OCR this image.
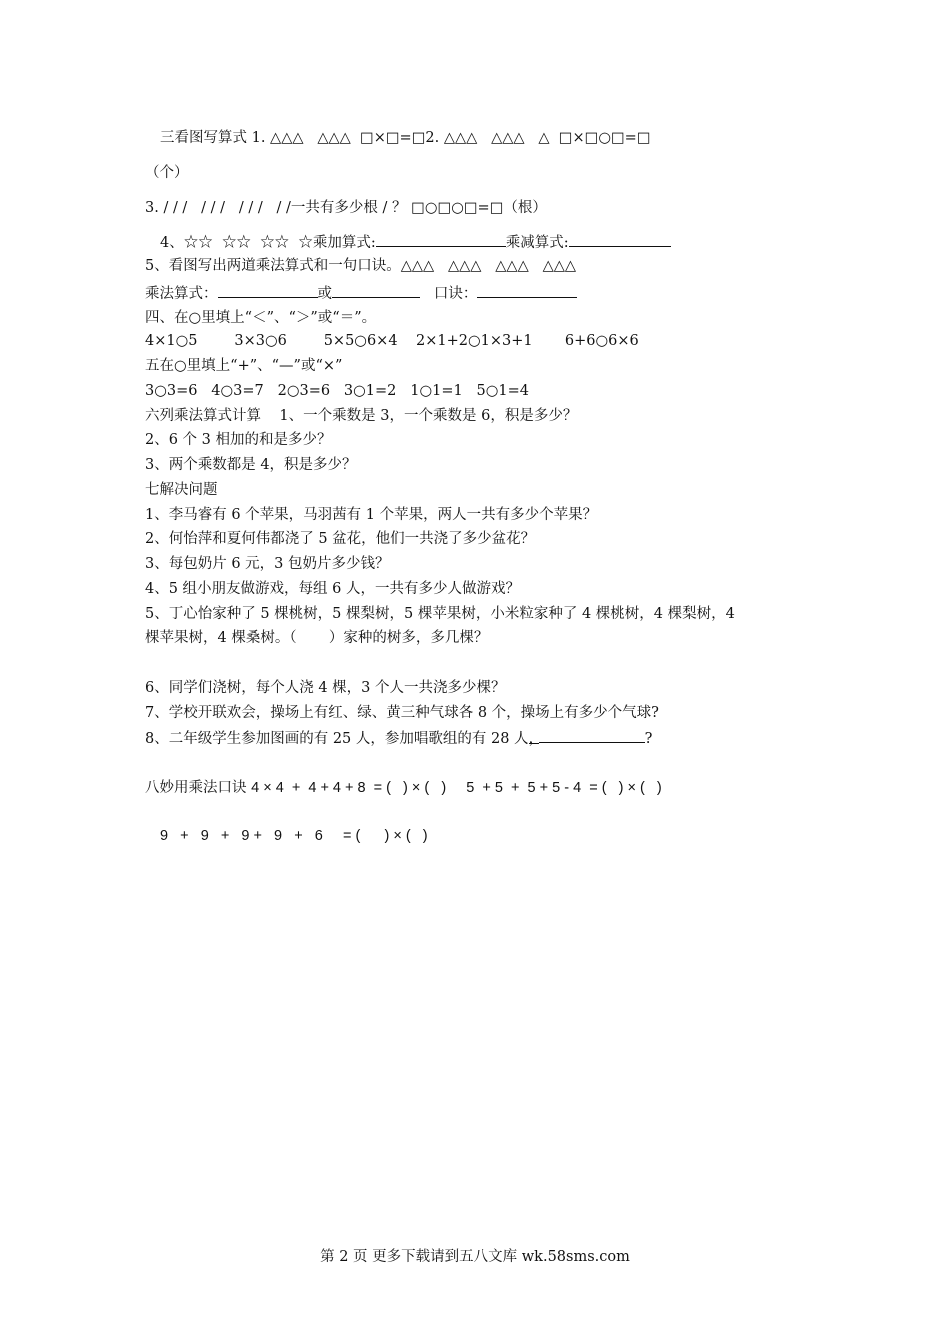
三看图写算式 1. △△△   △△△  □×□=□2. △△△   △△△   △  □×□○□=□
（个）
3. / / /   / / /   / / /   / /一共有多少根 / ？ □○□○□=□（根）
4、☆☆  ☆☆  ☆☆  ☆乘加算式:	乘减算式:
5、看图写出两道乘法算式和一句口诀。△△△   △△△   △△△   △△△
乘法算式：	或	口诀：
四、在○里填上“＜”、“＞”或“＝”。
4×1○5        3×3○6        5×5○6×4    2×1+2○1×3+1       6+6○6×6
五在○里填上“+”、“—”或“×”
3○3=6   4○3=7   2○3=6   3○1=2   1○1=1   5○1=4
六列乘法算式计算    1、一个乘数是 3，一个乘数是 6，积是多少？
2、6 个 3 相加的和是多少？
3、两个乘数都是 4，积是多少？
七解决问题
1、李马睿有 6 个苹果，马羽茜有 1 个苹果，两人一共有多少个苹果？
2、何怡萍和夏何伟都浇了 5 盆花，他们一共浇了多少盆花？
3、每包奶片 6 元，3 包奶片多少钱？
4、5 组小朋友做游戏，每组 6 人，一共有多少人做游戏？
5、丁心怡家种了 5 棵桃树，5 棵梨树，5 棵苹果树，小米粒家种了 4 棵桃树，4 棵梨树，4
棵苹果树，4 棵桑树。（       ）家种的树多，多几棵？
6、同学们浇树，每个人浇 4 棵，3 个人一共浇多少棵？
7、学校开联欢会，操场上有红、绿、黄三种气球各 8 个，操场上有多少个气球?
8、二年级学生参加图画的有 25 人，参加唱歌组的有 28 人，	?
八妙用乘法口诀 4 × 4  +  4 + 4 + 8  = (   ) × (   )     5  + 5  +  5 + 5 - 4  = (   ) × (   )
9   +   9   +   9 +   9   +   6     = (      ) × (   )
第 2 页 更多下载请到五八文库 wk.58sms.com
